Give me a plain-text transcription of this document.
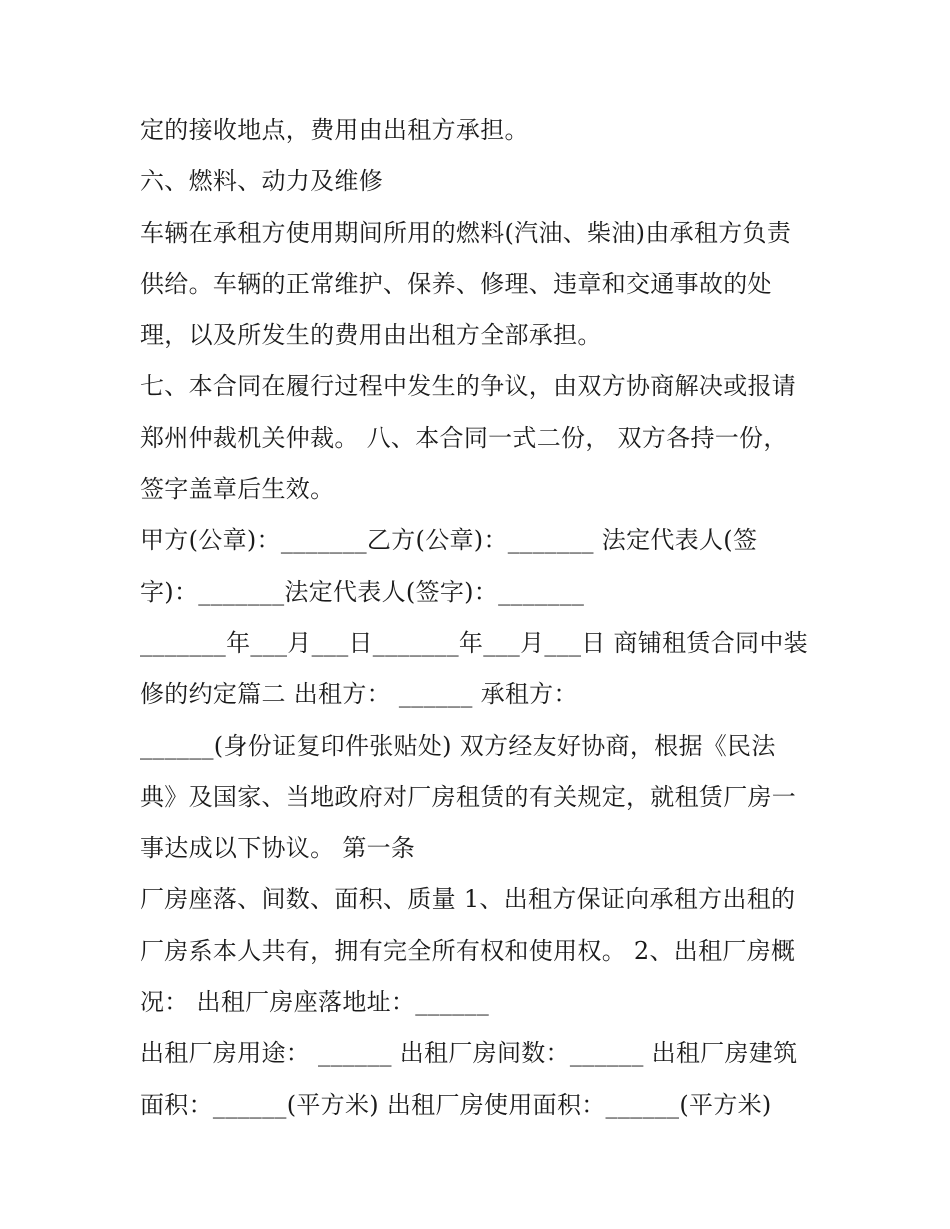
定的接收地点，费用由出租方承担。
六、燃料、动力及维修
车辆在承租方使用期间所用的燃料(汽油、柴油)由承租方负责
供给。车辆的正常维护、保养、修理、违章和交通事故的处
理，以及所发生的费用由出租方全部承担。
七、本合同在履行过程中发生的争议，由双方协商解决或报请
郑州仲裁机关仲裁。 八、本合同一式二份， 双方各持一份，
签字盖章后生效。
甲方(公章)：_______乙方(公章)：_______ 法定代表人(签
字)：_______法定代表人(签字)：_______
_______年___月___日_______年___月___日 商铺租赁合同中装
修的约定篇二 出租方： ______ 承租方：
______(身份证复印件张贴处) 双方经友好协商，根据《民法
典》及国家、当地政府对厂房租赁的有关规定，就租赁厂房一
事达成以下协议。 第一条
厂房座落、间数、面积、质量 1、出租方保证向承租方出租的
厂房系本人共有，拥有完全所有权和使用权。 2、出租厂房概
况： 出租厂房座落地址：______
出租厂房用途： ______ 出租厂房间数：______ 出租厂房建筑
面积：______(平方米) 出租厂房使用面积：______(平方米)
